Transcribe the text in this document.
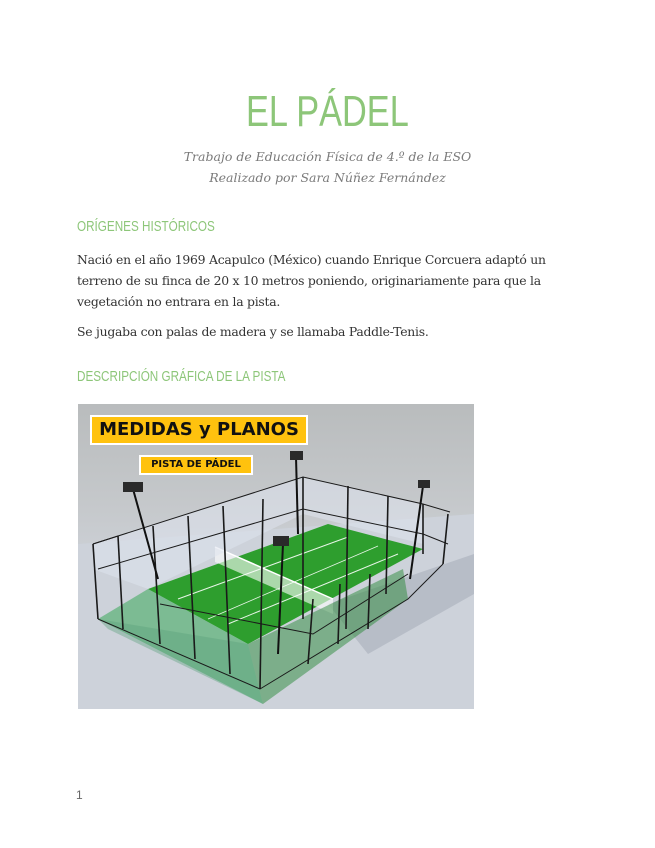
EL PÁDEL
Trabajo de Educación Física de 4.º de la ESO
Realizado por Sara Núñez Fernández
ORÍGENES HISTÓRICOS
Nació en el año 1969 Acapulco (México) cuando Enrique Corcuera adaptó un terreno de su finca de 20 x 10 metros poniendo, originariamente para que la vegetación no entrara en la pista.
Se jugaba con palas de madera y se llamaba Paddle-Tenis.
DESCRIPCIÓN GRÁFICA DE LA PISTA
MEDIDAS y PLANOS
PISTA DE PÁDEL
1
